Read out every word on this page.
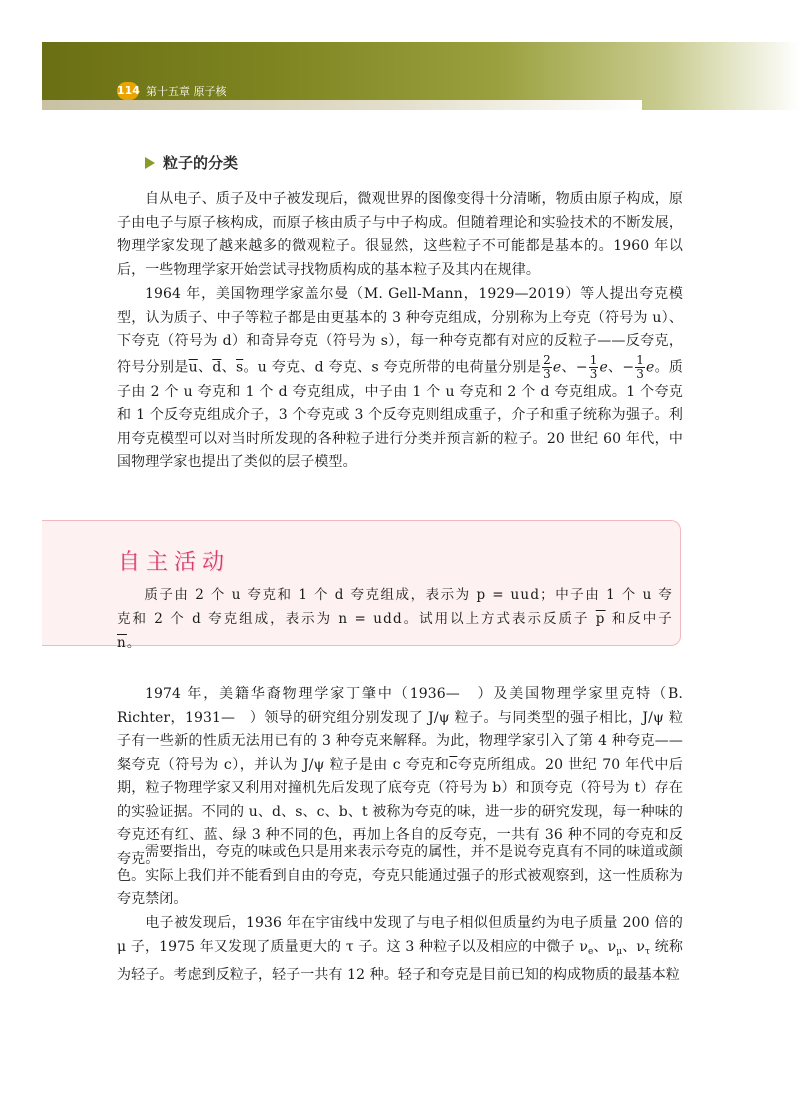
114 第十五章 原子核
粒子的分类

自从电子、质子及中子被发现后，微观世界的图像变得十分清晰，物质由原子构成，原子由电子与原子核构成，而原子核由质子与中子构成。但随着理论和实验技术的不断发展，物理学家发现了越来越多的微观粒子。很显然，这些粒子不可能都是基本的。1960 年以后，一些物理学家开始尝试寻找物质构成的基本粒子及其内在规律。

1964 年，美国物理学家盖尔曼（M. Gell-Mann，1929—2019）等人提出夸克模型，认为质子、中子等粒子都是由更基本的 3 种夸克组成，分别称为上夸克（符号为 u）、下夸克（符号为 d）和奇异夸克（符号为 s），每一种夸克都有对应的反粒子——反夸克，符号分别是$\overline{u}$、$\overline{d}$、$\overline{s}$。u 夸克、d 夸克、s 夸克所带的电荷量分别是 $\frac{2}{3}$ e、− $\frac{1}{3}$ e、− $\frac{1}{3}$ e。质子由 2 个 u 夸克和 1 个 d 夸克组成，中子由 1 个 u 夸克和 2 个 d 夸克组成。1 个夸克和 1 个反夸克组成介子，3 个夸克或 3 个反夸克则组成重子，介子和重子统称为强子。利用夸克模型可以对当时所发现的各种粒子进行分类并预言新的粒子。20 世纪 60 年代，中国物理学家也提出了类似的层子模型。

自主活动

质子由 2 个 u 夸克和 1 个 d 夸克组成，表示为 p = uud；中子由 1 个 u 夸克和 2 个 d 夸克组成，表示为 n = udd。试用以上方式表示反质子 $\overline{p}$ 和反中子 $\overline{n}$。

1974 年，美籍华裔物理学家丁肇中（1936—　）及美国物理学家里克特（B. Richter，1931—　）领导的研究组分别发现了 J/ψ 粒子。与同类型的强子相比，J/ψ 粒子有一些新的性质无法用已有的 3 种夸克来解释。为此，物理学家引入了第 4 种夸克——粲夸克（符号为 c），并认为 J/ψ 粒子是由 c 夸克和$\overline{c}$夸克所组成。20 世纪 70 年代中后期，粒子物理学家又利用对撞机先后发现了底夸克（符号为 b）和顶夸克（符号为 t）存在的实验证据。不同的 u、d、s、c、b、t 被称为夸克的味，进一步的研究发现，每一种味的夸克还有红、蓝、绿 3 种不同的色，再加上各自的反夸克，一共有 36 种不同的夸克和反夸克。

需要指出，夸克的味或色只是用来表示夸克的属性，并不是说夸克真有不同的味道或颜色。实际上我们并不能看到自由的夸克，夸克只能通过强子的形式被观察到，这一性质称为夸克禁闭。

电子被发现后，1936 年在宇宙线中发现了与电子相似但质量约为电子质量 200 倍的 μ 子，1975 年又发现了质量更大的 τ 子。这 3 种粒子以及相应的中微子 $\nu_e$、$\nu_\mu$、$\nu_\tau$ 统称为轻子。考虑到反粒子，轻子一共有 12 种。轻子和夸克是目前已知的构成物质的最基本粒
